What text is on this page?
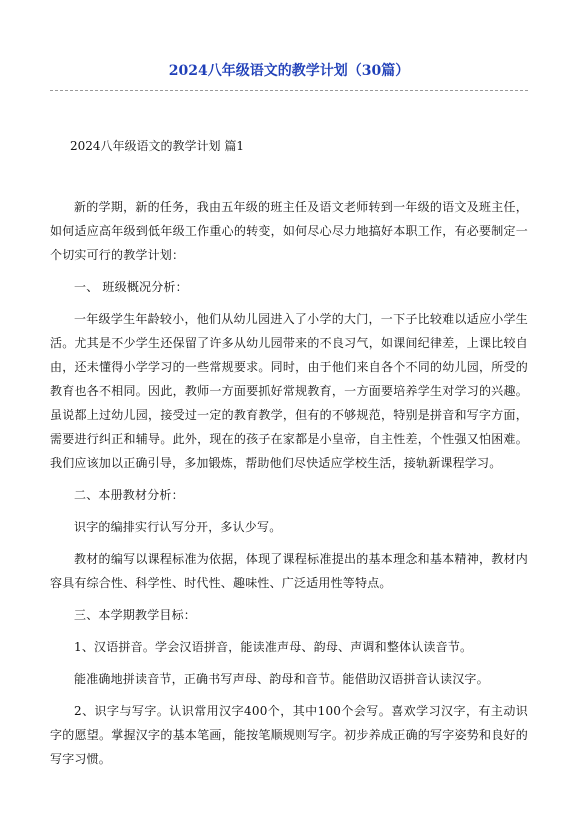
2024八年级语文的教学计划（30篇）
2024八年级语文的教学计划 篇1

新的学期，新的任务，我由五年级的班主任及语文老师转到一年级的语文及班主任，如何适应高年级到低年级工作重心的转变，如何尽心尽力地搞好本职工作，有必要制定一个切实可行的教学计划：

一、 班级概况分析：

一年级学生年龄较小，他们从幼儿园进入了小学的大门，一下子比较难以适应小学生活。尤其是不少学生还保留了许多从幼儿园带来的不良习气，如课间纪律差，上课比较自由，还未懂得小学学习的一些常规要求。同时，由于他们来自各个不同的幼儿园，所受的教育也各不相同。因此，教师一方面要抓好常规教育，一方面要培养学生对学习的兴趣。虽说都上过幼儿园，接受过一定的教育教学，但有的不够规范，特别是拼音和写字方面，需要进行纠正和辅导。此外，现在的孩子在家都是小皇帝，自主性差，个性强又怕困难。我们应该加以正确引导，多加锻炼，帮助他们尽快适应学校生活，接轨新课程学习。

二、本册教材分析：

识字的编排实行认写分开，多认少写。

教材的编写以课程标准为依据，体现了课程标准提出的基本理念和基本精神，教材内容具有综合性、科学性、时代性、趣味性、广泛适用性等特点。

三、本学期教学目标：

1、汉语拼音。学会汉语拼音，能读准声母、韵母、声调和整体认读音节。

能准确地拼读音节，正确书写声母、韵母和音节。能借助汉语拼音认读汉字。

2、识字与写字。认识常用汉字400个，其中100个会写。喜欢学习汉字，有主动识字的愿望。掌握汉字的基本笔画，能按笔顺规则写字。初步养成正确的写字姿势和良好的写字习惯。
